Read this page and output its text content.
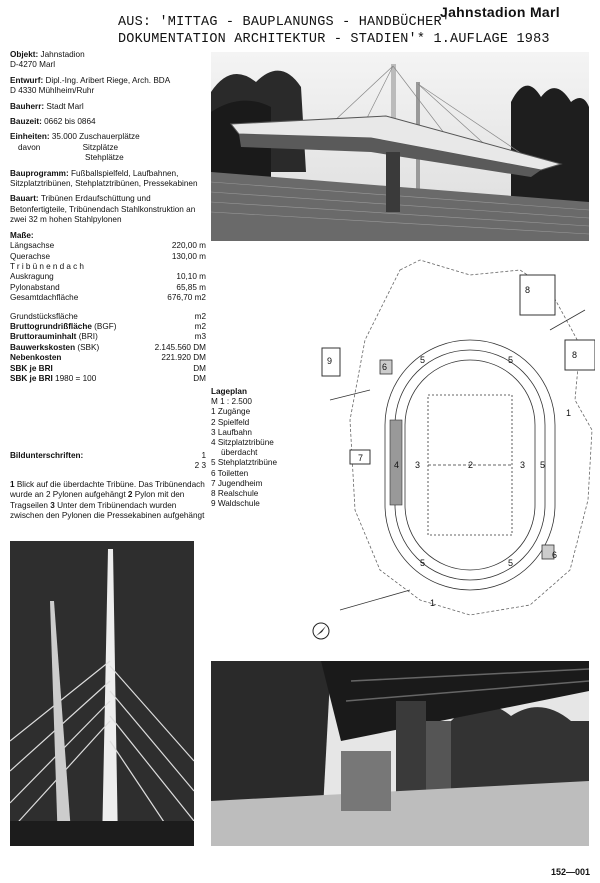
Jahnstadion Marl
AUS: 'MITTAG - BAUPLANUNGS - HANDBÜCHER'
DOKUMENTATION ARCHITEKTUR - STADIEN'* 1.AUFLAGE 1983
Objekt: Jahnstadion
D-4270 Marl
Entwurf: Dipl.-Ing. Aribert Riege, Arch. BDA
D 4330 Mühlheim/Ruhr
Bauherr: Stadt Marl
Bauzeit: 0662 bis 0864
Einheiten: 35.000 Zuschauerplätze
davon	Sitzplätze
Stehplätze
Bauprogramm: Fußballspielfeld, Laufbahnen, Sitzplatztribünen, Stehplatztribünen, Pressekabinen
Bauart: Tribünen Erdaufschüttung und Betonfertigteile, Tribünendach Stahlkonstruktion an zwei 32 m hohen Stahlpylonen
Maße:
Längsachse	220,00 m
Querachse	130,00 m
Tribünendach
Auskragung	10,10 m
Pylonabstand	65,85 m
Gesamtdachfläche	676,70 m2
Grundstücksfläche	m2
Bruttogrundrißfläche (BGF)	m2
Bruttorauminhalt (BRI)	m3
Bauwerkskosten (SBK)	2.145.560 DM
Nebenkosten	221.920 DM
SBK je BRI	DM
SBK je BRI 1980 = 100	DM
Bildunterschriften:	1
2 3
1 Blick auf die überdachte Tribüne. Das Tribünendach wurde an 2 Pylonen aufgehängt 2 Pylon mit den Tragseilen 3 Unter dem Tribünendach wurden zwischen den Pylonen die Pressekabinen aufgehängt
2
3	3
4	5
5	5
5	5
6
6
7
8
8
9
1
1
Lageplan
M 1 : 2.500
1 Zugänge
2 Spielfeld
3 Laufbahn
4 Sitzplatztribüne
überdacht
5 Stehplatztribüne
6 Toiletten
7 Jugendheim
8 Realschule
9 Waldschule
152—001
